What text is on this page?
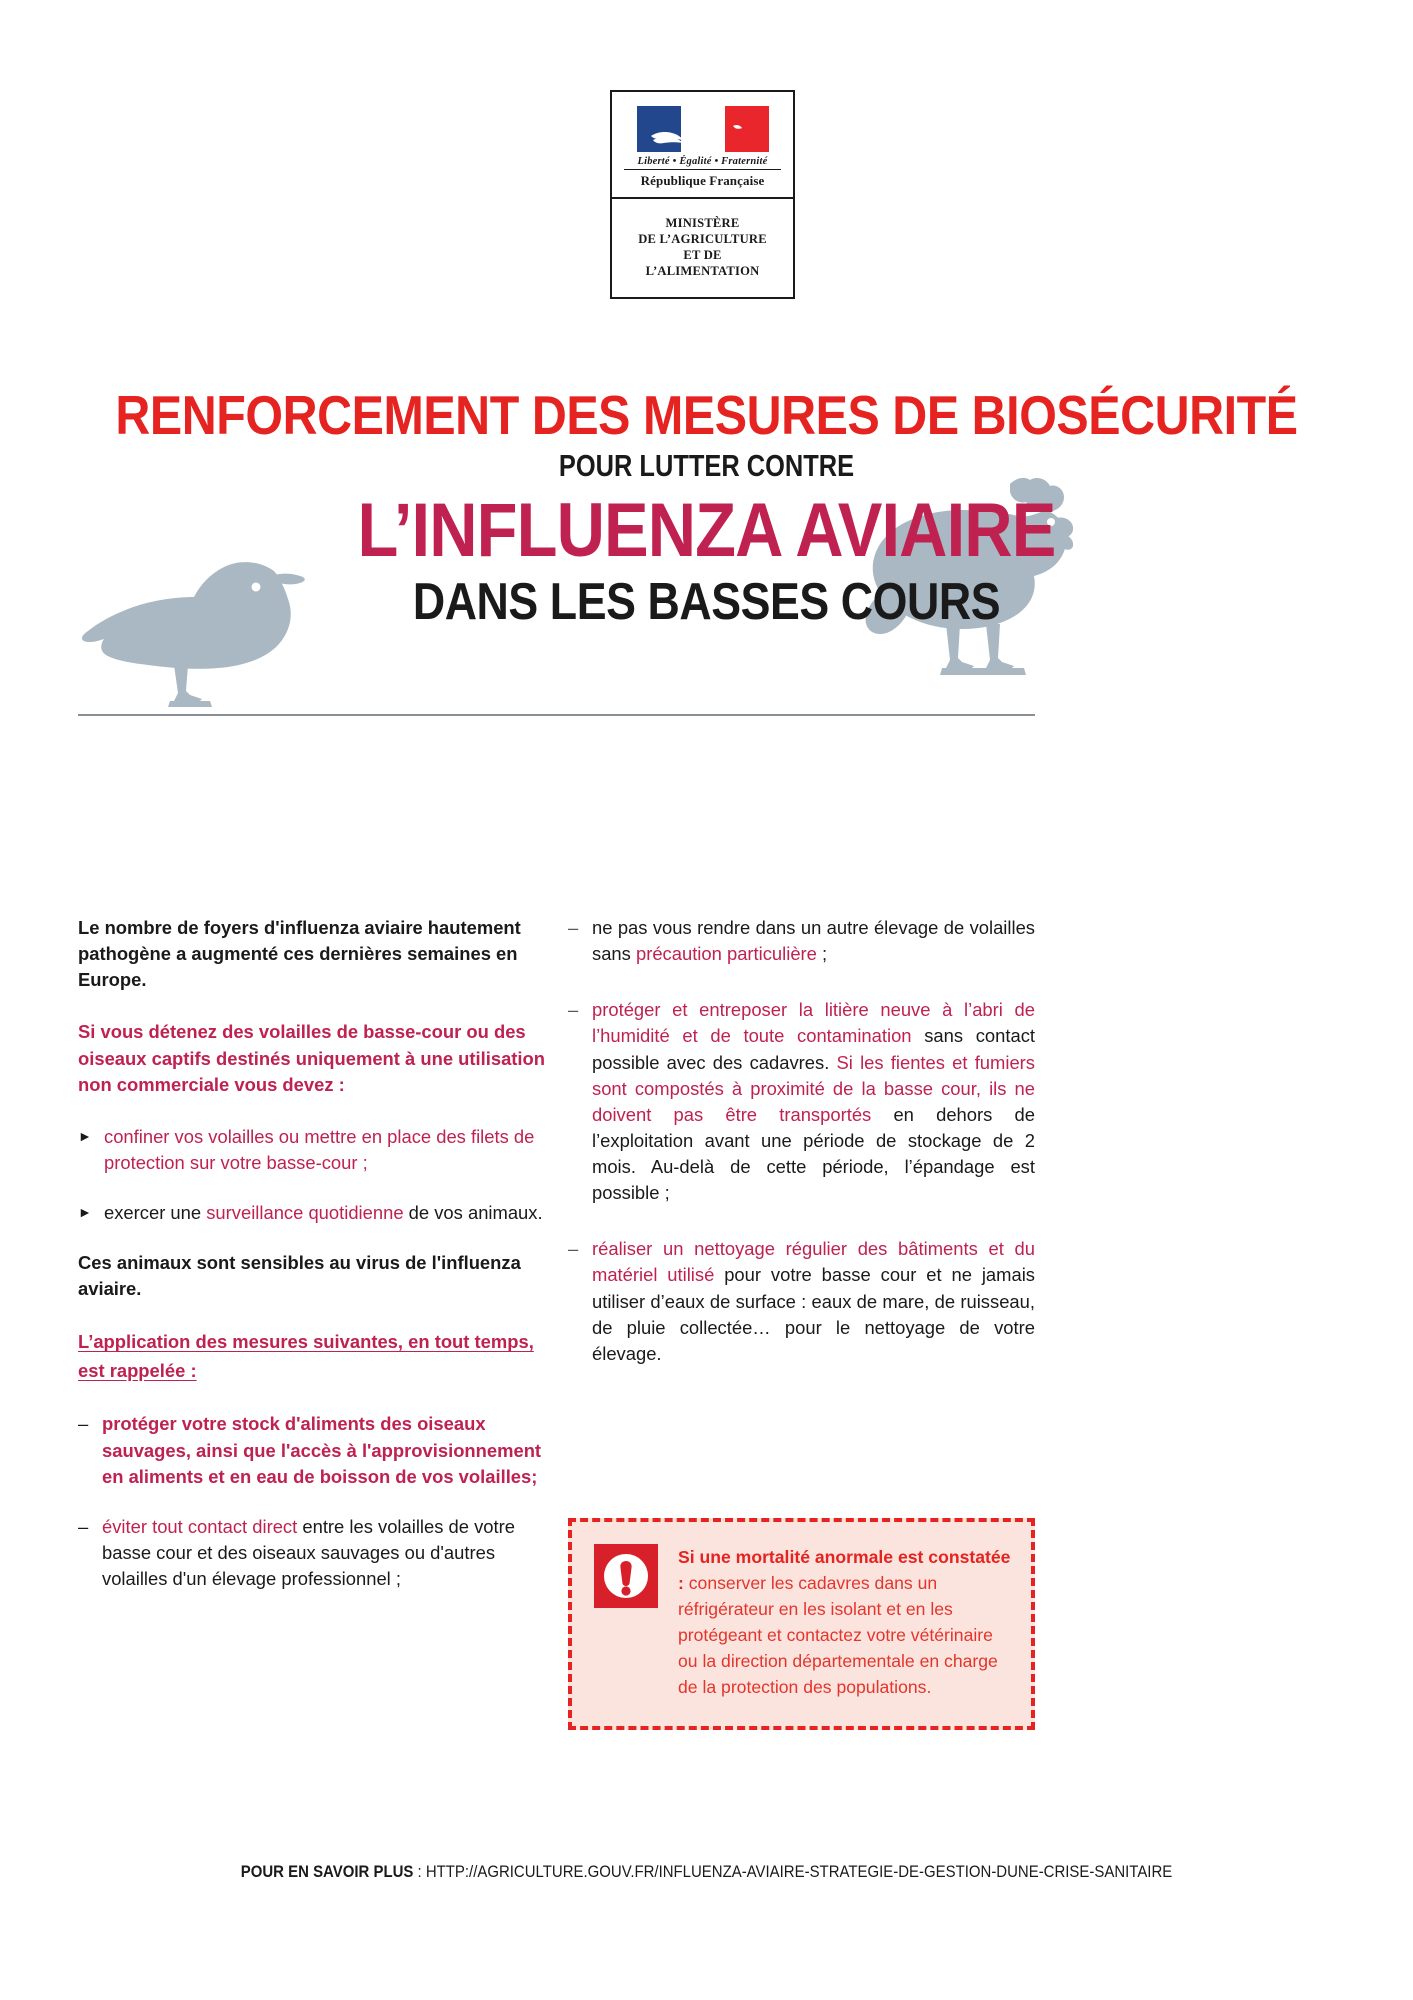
Liberté • Égalité • Fraternité
République Française
MINISTÈRE
DE L’AGRICULTURE
ET DE
L’ALIMENTATION
RENFORCEMENT DES MESURES DE BIOSÉCURITÉ
POUR LUTTER CONTRE
L’INFLUENZA AVIAIRE
DANS LES BASSES COURS

Le nombre de foyers d'influenza aviaire hautement pathogène a augmenté ces dernières semaines en Europe.

Si vous détenez des volailles de basse-cour ou des oiseaux captifs destinés uniquement à une utilisation non commerciale vous devez :

► confiner vos volailles ou mettre en place des filets de protection sur votre basse-cour ;
► exercer une surveillance quotidienne de vos animaux.

Ces animaux sont sensibles au virus de l'influenza aviaire.

L’application des mesures suivantes, en tout temps, est rappelée :

– protéger votre stock d'aliments des oiseaux sauvages, ainsi que l'accès à l'approvisionnement en aliments et en eau de boisson de vos volailles;
– éviter tout contact direct entre les volailles de votre basse cour et des oiseaux sauvages ou d'autres volailles d'un élevage professionnel ;
– ne pas vous rendre dans un autre élevage de volailles sans précaution particulière ;
– protéger et entreposer la litière neuve à l’abri de l’humidité et de toute contamination sans contact possible avec des cadavres. Si les fientes et fumiers sont compostés à proximité de la basse cour, ils ne doivent pas être transportés en dehors de l’exploitation avant une période de stockage de 2 mois. Au-delà de cette période, l’épandage est possible ;
– réaliser un nettoyage régulier des bâtiments et du matériel utilisé pour votre basse cour et ne jamais utiliser d’eaux de surface : eaux de mare, de ruisseau, de pluie collectée… pour le nettoyage de votre élevage.
Si une mortalité anormale est constatée : conserver les cadavres dans un réfrigérateur en les isolant et en les protégeant et contactez votre vétérinaire ou la direction départementale en charge de la protection des populations.
POUR EN SAVOIR PLUS : HTTP://AGRICULTURE.GOUV.FR/INFLUENZA-AVIAIRE-STRATEGIE-DE-GESTION-DUNE-CRISE-SANITAIRE
